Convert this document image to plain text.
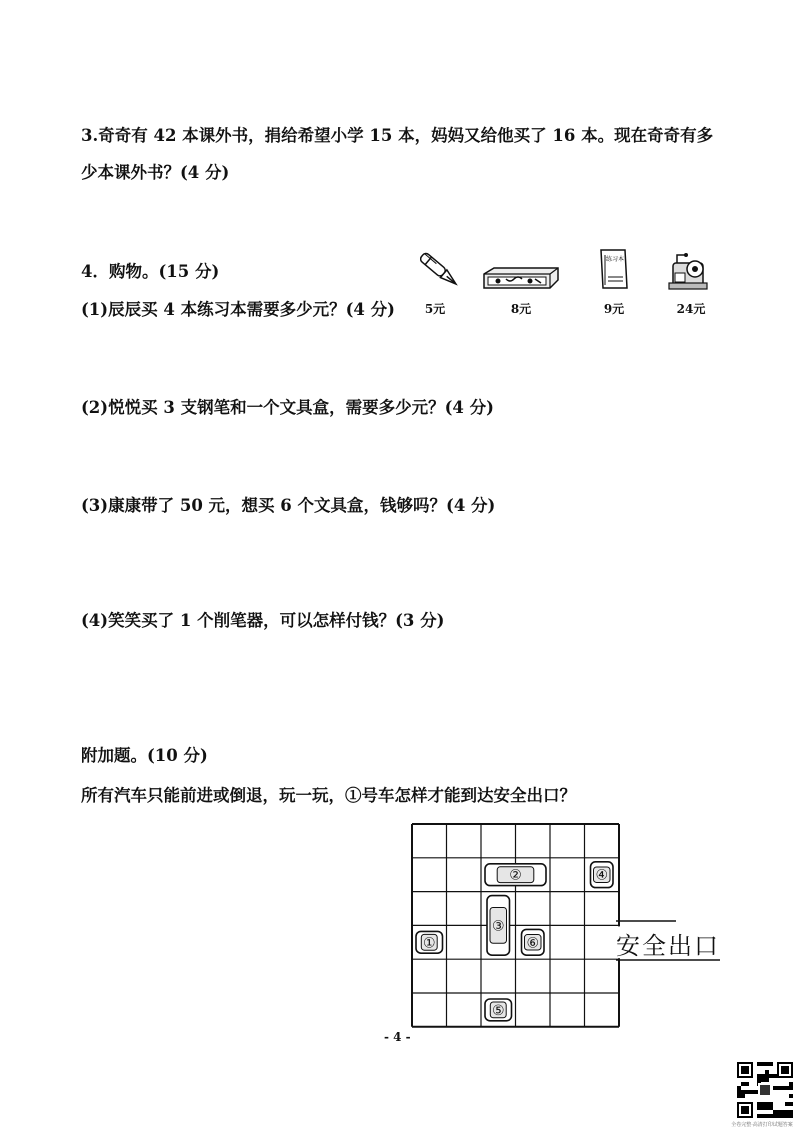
3.奇奇有 42 本课外书，捐给希望小学 15 本，妈妈又给他买了 16 本。现在奇奇有多
少本课外书？(4 分)
4．购物。(15 分)
(1)辰辰买 4 本练习本需要多少元？(4 分)
(2)悦悦买 3 支钢笔和一个文具盒，需要多少元？(4 分)
(3)康康带了 50 元，想买 6 个文具盒，钱够吗？(4 分)
(4)笑笑买了 1 个削笔器，可以怎样付钱？(3 分)
练习本
5元	8元	9元	24元
附加题。(10 分)
所有汽车只能前进或倒退，玩一玩，①号车怎样才能到达安全出口？
①
②
③
④
⑤
⑥	安全出口
- 4 -
全卷完整·高清打印试题答案
